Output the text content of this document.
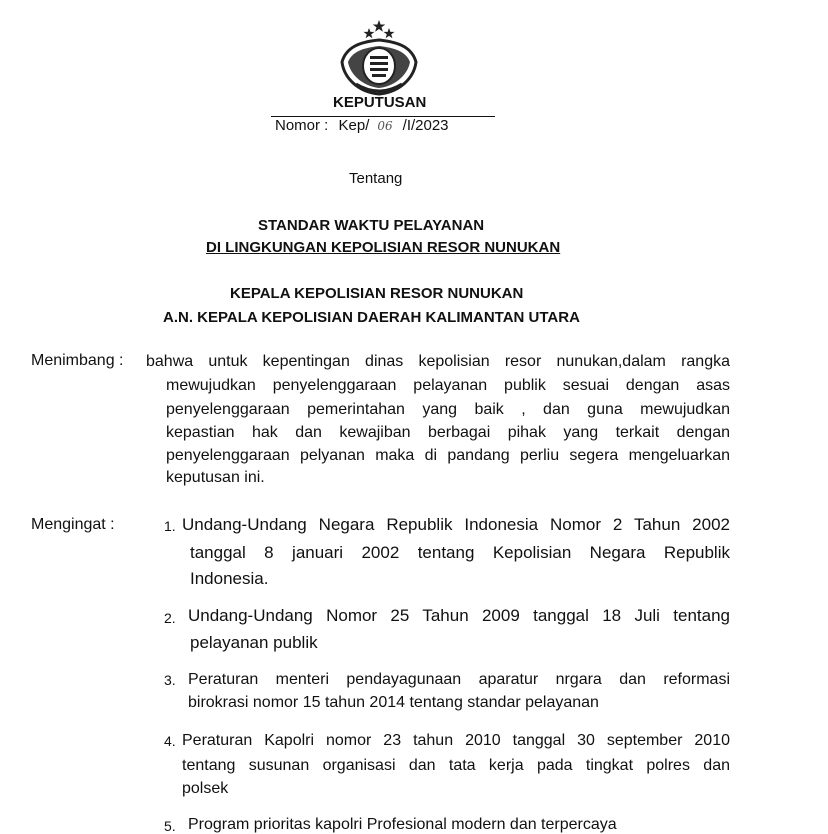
KEPUTUSAN
Nomor : Kep/ 06 /I/2023
Tentang
STANDAR WAKTU PELAYANAN
DI LINGKUNGAN KEPOLISIAN RESOR NUNUKAN
KEPALA KEPOLISIAN RESOR NUNUKAN
A.N. KEPALA KEPOLISIAN DAERAH KALIMANTAN UTARA
Menimbang : bahwa untuk kepentingan dinas kepolisian resor nunukan,dalam rangka
mewujudkan penyelenggaraan pelayanan publik sesuai dengan asas
penyelenggaraan pemerintahan yang baik , dan guna mewujudkan
kepastian hak dan kewajiban berbagai pihak yang terkait dengan
penyelenggaraan pelyanan maka di pandang perliu segera mengeluarkan
keputusan ini.
Mengingat :	1. Undang-Undang Negara Republik Indonesia Nomor 2 Tahun 2002
tanggal 8 januari 2002 tentang Kepolisian Negara Republik
Indonesia.
2. Undang-Undang Nomor 25 Tahun 2009 tanggal 18 Juli tentang
pelayanan publik
3. Peraturan menteri pendayagunaan aparatur nrgara dan reformasi
birokrasi nomor 15 tahun 2014 tentang standar pelayanan
4. Peraturan Kapolri nomor 23 tahun 2010 tanggal 30 september 2010
tentang susunan organisasi dan tata kerja pada tingkat polres dan
polsek
5. Program prioritas kapolri Profesional modern dan terpercaya
